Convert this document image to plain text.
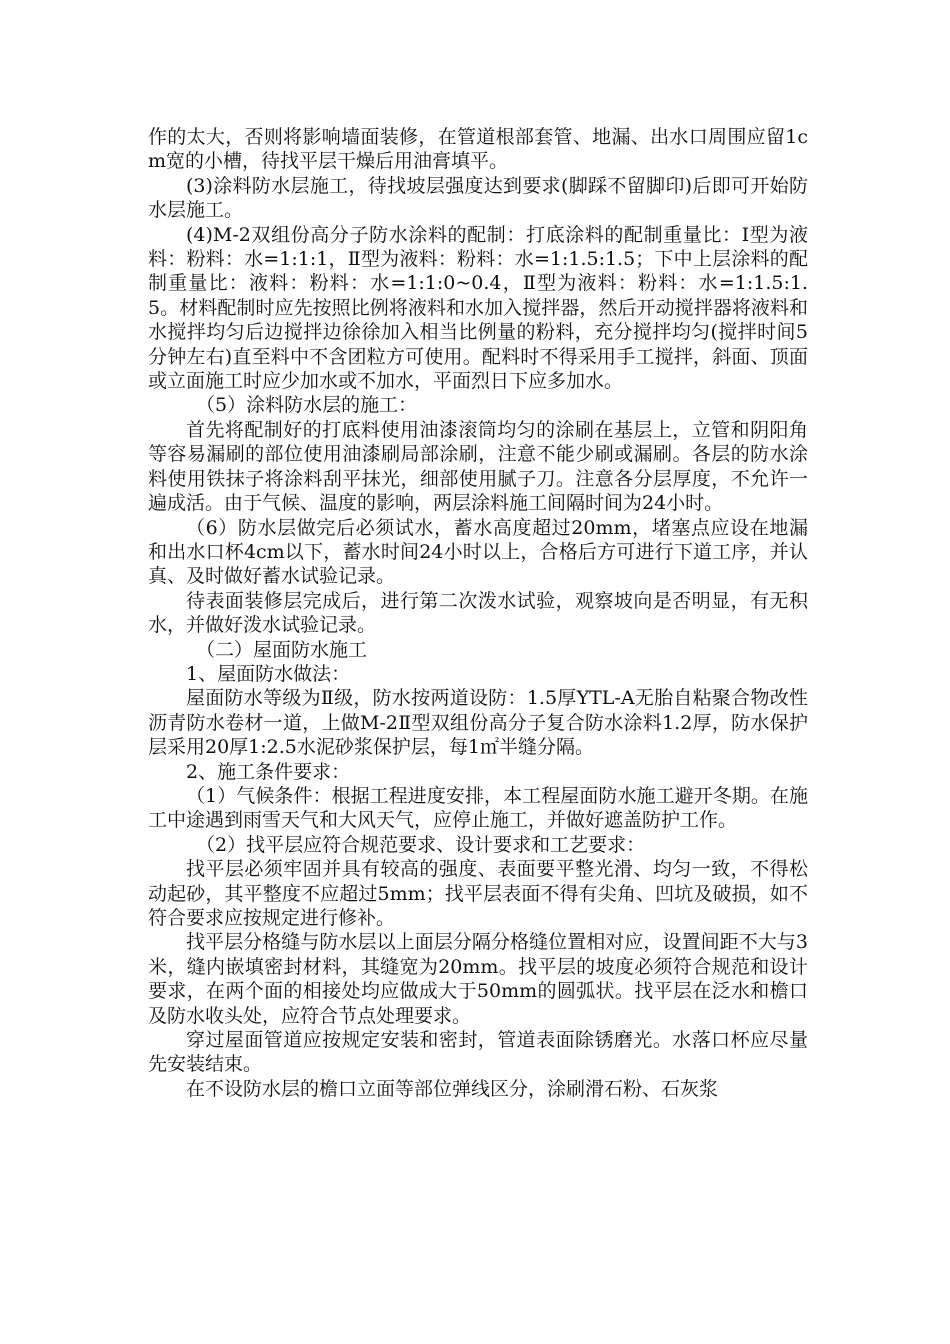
作的太大，否则将影响墙面装修，在管道根部套管、地漏、出水口周围应留1cm宽的小槽，待找平层干燥后用油膏填平。

(3)涂料防水层施工，待找坡层强度达到要求(脚踩不留脚印)后即可开始防水层施工。

(4)M-2双组份高分子防水涂料的配制：打底涂料的配制重量比：Ⅰ型为液料：粉料：水=1:1:1，Ⅱ型为液料：粉料：水=1:1.5:1.5；下中上层涂料的配制重量比：液料：粉料：水=1:1:0~0.4，Ⅱ型为液料：粉料：水=1:1.5:1.5。材料配制时应先按照比例将液料和水加入搅拌器，然后开动搅拌器将液料和水搅拌均匀后边搅拌边徐徐加入相当比例量的粉料，充分搅拌均匀(搅拌时间5分钟左右)直至料中不含团粒方可使用。配料时不得采用手工搅拌，斜面、顶面或立面施工时应少加水或不加水，平面烈日下应多加水。

（5）涂料防水层的施工：

首先将配制好的打底料使用油漆滚筒均匀的涂刷在基层上，立管和阴阳角等容易漏刷的部位使用油漆刷局部涂刷，注意不能少刷或漏刷。各层的防水涂料使用铁抹子将涂料刮平抹光，细部使用腻子刀。注意各分层厚度，不允许一遍成活。由于气候、温度的影响，两层涂料施工间隔时间为24小时。

（6）防水层做完后必须试水，蓄水高度超过20mm，堵塞点应设在地漏和出水口杯4cm以下，蓄水时间24小时以上，合格后方可进行下道工序，并认真、及时做好蓄水试验记录。

待表面装修层完成后，进行第二次泼水试验，观察坡向是否明显，有无积水，并做好泼水试验记录。

（二）屋面防水施工

1、屋面防水做法：

屋面防水等级为Ⅱ级，防水按两道设防：1.5厚YTL-A无胎自粘聚合物改性沥青防水卷材一道，上做M-2Ⅱ型双组份高分子复合防水涂料1.2厚，防水保护层采用20厚1:2.5水泥砂浆保护层，每1㎡半缝分隔。

2、施工条件要求：

（1）气候条件：根据工程进度安排，本工程屋面防水施工避开冬期。在施工中途遇到雨雪天气和大风天气，应停止施工，并做好遮盖防护工作。

（2）找平层应符合规范要求、设计要求和工艺要求：

找平层必须牢固并具有较高的强度、表面要平整光滑、均匀一致，不得松动起砂，其平整度不应超过5mm；找平层表面不得有尖角、凹坑及破损，如不符合要求应按规定进行修补。

找平层分格缝与防水层以上面层分隔分格缝位置相对应，设置间距不大与3米，缝内嵌填密封材料，其缝宽为20mm。找平层的坡度必须符合规范和设计要求，在两个面的相接处均应做成大于50mm的圆弧状。找平层在泛水和檐口及防水收头处，应符合节点处理要求。

穿过屋面管道应按规定安装和密封，管道表面除锈磨光。水落口杯应尽量先安装结束。

在不设防水层的檐口立面等部位弹线区分，涂刷滑石粉、石灰浆
